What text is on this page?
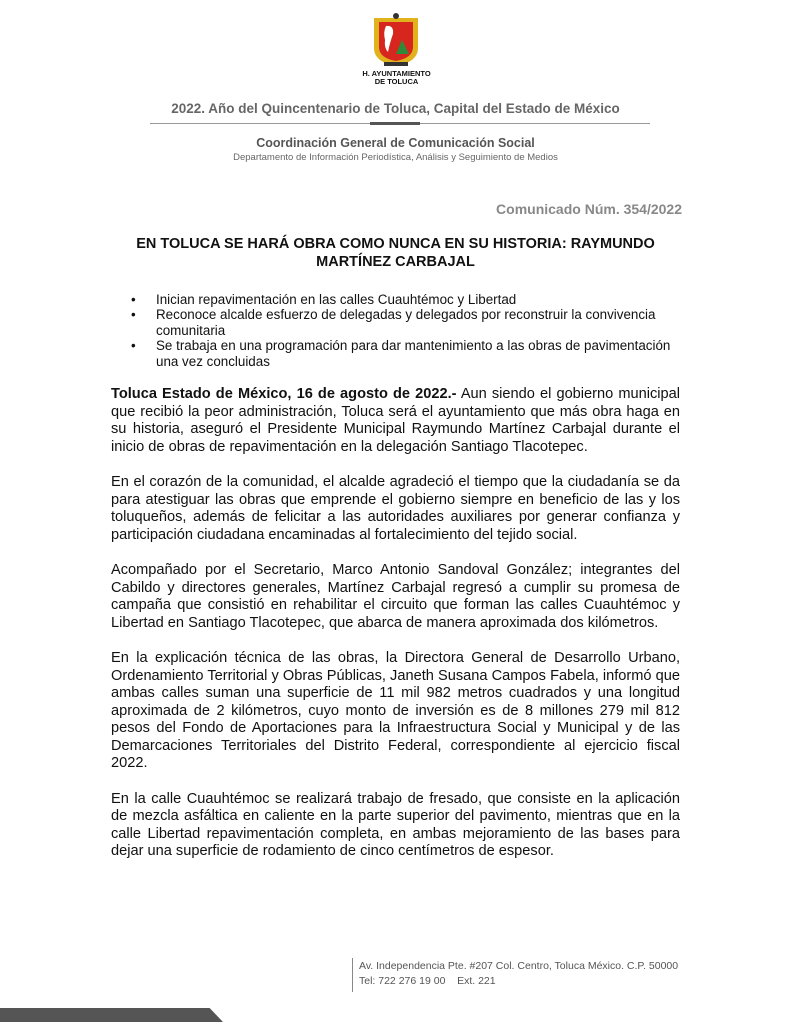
H. AYUNTAMIENTO
DE TOLUCA
2022. Año del Quincentenario de Toluca, Capital del Estado de México
Coordinación General de Comunicación Social
Departamento de Información Periodística, Análisis y Seguimiento de Medios
Comunicado Núm. 354/2022
EN TOLUCA SE HARÁ OBRA COMO NUNCA EN SU HISTORIA: RAYMUNDO MARTÍNEZ CARBAJAL
• Inician repavimentación en las calles Cuauhtémoc y Libertad
• Reconoce alcalde esfuerzo de delegadas y delegados por reconstruir la convivencia comunitaria
• Se trabaja en una programación para dar mantenimiento a las obras de pavimentación una vez concluidas

Toluca Estado de México, 16 de agosto de 2022.- Aun siendo el gobierno municipal que recibió la peor administración, Toluca será el ayuntamiento que más obra haga en su historia, aseguró el Presidente Municipal Raymundo Martínez Carbajal durante el inicio de obras de repavimentación en la delegación Santiago Tlacotepec.

En el corazón de la comunidad, el alcalde agradeció el tiempo que la ciudadanía se da para atestiguar las obras que emprende el gobierno siempre en beneficio de las y los toluqueños, además de felicitar a las autoridades auxiliares por generar confianza y participación ciudadana encaminadas al fortalecimiento del tejido social.

Acompañado por el Secretario, Marco Antonio Sandoval González; integrantes del Cabildo y directores generales, Martínez Carbajal regresó a cumplir su promesa de campaña que consistió en rehabilitar el circuito que forman las calles Cuauhtémoc y Libertad en Santiago Tlacotepec, que abarca de manera aproximada dos kilómetros.

En la explicación técnica de las obras, la Directora General de Desarrollo Urbano, Ordenamiento Territorial y Obras Públicas, Janeth Susana Campos Fabela, informó que ambas calles suman una superficie de 11 mil 982 metros cuadrados y una longitud aproximada de 2 kilómetros, cuyo monto de inversión es de 8 millones 279 mil 812 pesos del Fondo de Aportaciones para la Infraestructura Social y Municipal y de las Demarcaciones Territoriales del Distrito Federal, correspondiente al ejercicio fiscal 2022.

En la calle Cuauhtémoc se realizará trabajo de fresado, que consiste en la aplicación de mezcla asfáltica en caliente en la parte superior del pavimento, mientras que en la calle Libertad repavimentación completa, en ambas mejoramiento de las bases para dejar una superficie de rodamiento de cinco centímetros de espesor.

Av. Independencia Pte. #207 Col. Centro, Toluca México. C.P. 50000
Tel: 722 276 19 00    Ext. 221
